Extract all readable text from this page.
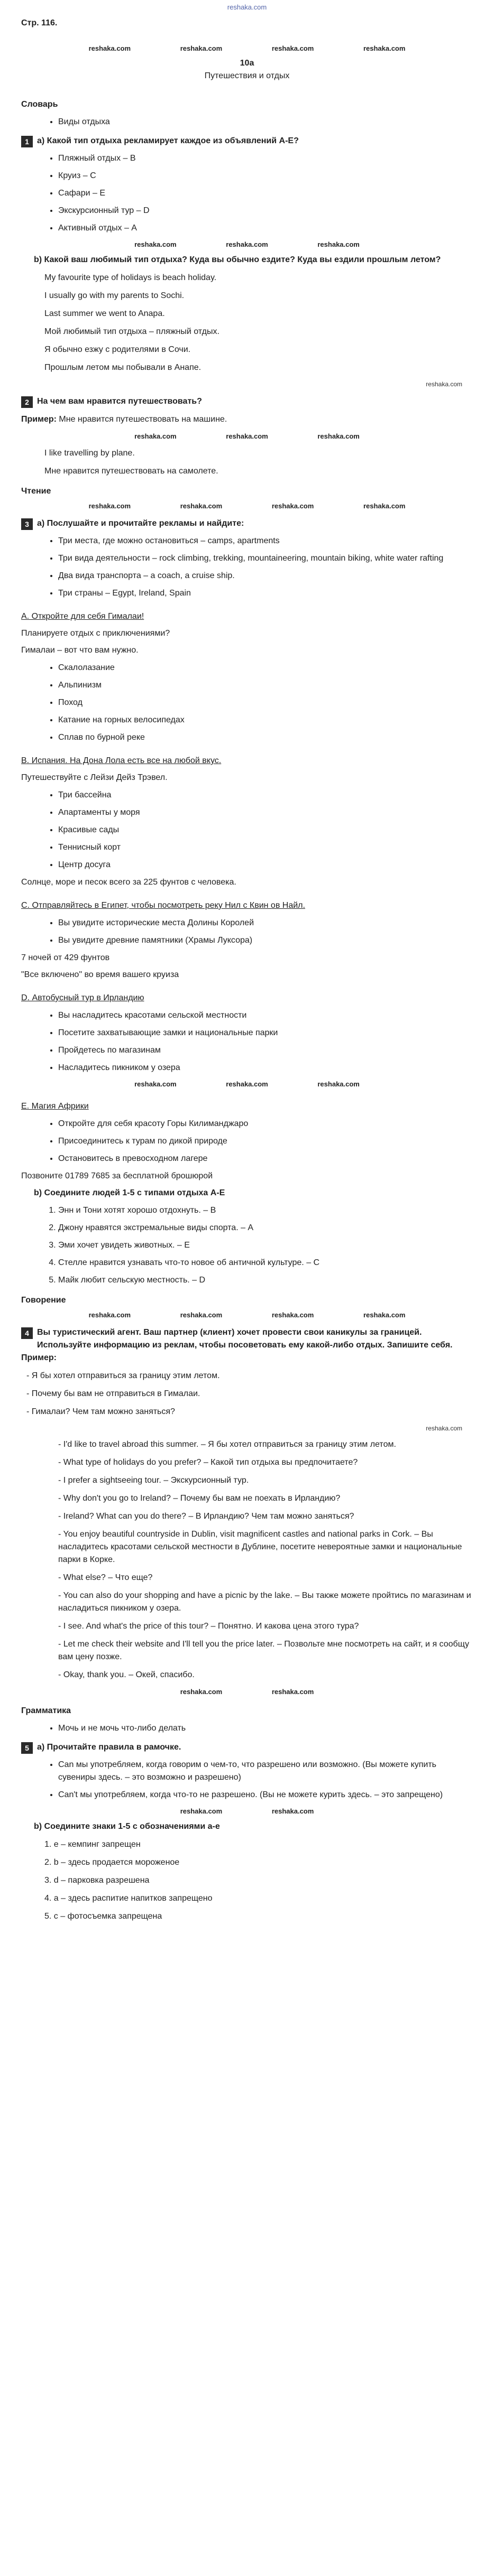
reshaka.com
Стр. 116.
reshaka.com	reshaka.com	reshaka.com	reshaka.com
10a
Путешествия и отдых
Словарь
• Виды отдыха
1 а) Какой тип отдыха рекламирует каждое из объявлений A-E?
• Пляжный отдых – B
• Круиз – C
• Сафари – E
• Экскурсионный тур – D
• Активный отдых – A
reshaka.com	reshaka.com	reshaka.com
b) Какой ваш любимый тип отдыха? Куда вы обычно ездите? Куда вы ездили прошлым летом?

My favourite type of holidays is beach holiday.

I usually go with my parents to Sochi.

Last summer we went to Anapa.

Мой любимый тип отдыха – пляжный отдых.

Я обычно езжу с родителями в Сочи.

Прошлым летом мы побывали в Анапе.

reshaka.com
2 На чем вам нравится путешествовать?
Пример: Мне нравится путешествовать на машине.
reshaka.com	reshaka.com	reshaka.com

I like travelling by plane.

Мне нравится путешествовать на самолете.

Чтение
reshaka.com	reshaka.com	reshaka.com	reshaka.com
3 а) Послушайте и прочитайте рекламы и найдите:
• Три места, где можно остановиться – camps, apartments
• Три вида деятельности – rock climbing, trekking, mountaineering, mountain biking, white water rafting
• Два вида транспорта – a coach, a cruise ship.
• Три страны – Egypt, Ireland, Spain
A. Откройте для себя Гималаи!
Планируете отдых с приключениями?
Гималаи – вот что вам нужно.
• Скалолазание
• Альпинизм
• Поход
• Катание на горных велосипедах
• Сплав по бурной реке
B. Испания. На Дона Лола есть все на любой вкус.
Путешествуйте с Лейзи Дейз Трэвел.
• Три бассейна
• Апартаменты у моря
• Красивые сады
• Теннисный корт
• Центр досуга
Солнце, море и песок всего за 225 фунтов с человека.
C. Отправляйтесь в Египет, чтобы посмотреть реку Нил с Квин ов Найл.
• Вы увидите исторические места Долины Королей
• Вы увидите древние памятники (Храмы Луксора)
7 ночей от 429 фунтов
"Все включено" во время вашего круиза
D. Автобусный тур в Ирландию
• Вы насладитесь красотами сельской местности
• Посетите захватывающие замки и национальные парки
• Пройдетесь по магазинам
• Насладитесь пикником у озера
reshaka.com	reshaka.com	reshaka.com
E. Магия Африки
• Откройте для себя красоту Горы Килиманджаро
• Присоединитесь к турам по дикой природе
• Остановитесь в превосходном лагере
Позвоните 01789 7685 за бесплатной брошюрой
b) Соедините людей 1-5 с типами отдыха A-E
1. Энн и Тони хотят хорошо отдохнуть. – B
2. Джону нравятся экстремальные виды спорта. – A
3. Эми хочет увидеть животных. – E
4. Стелле нравится узнавать что-то новое об античной культуре. – C
5. Майк любит сельскую местность. – D
Говорение
reshaka.com	reshaka.com	reshaka.com	reshaka.com
4 Вы туристический агент. Ваш партнер (клиент) хочет провести свои каникулы за границей. Используйте информацию из реклам, чтобы посоветовать ему какой-либо отдых. Запишите себя.
Пример:

- Я бы хотел отправиться за границу этим летом.

- Почему бы вам не отправиться в Гималаи.

- Гималаи? Чем там можно заняться?

reshaka.com

- I'd like to travel abroad this summer. – Я бы хотел отправиться за границу этим летом.

- What type of holidays do you prefer? – Какой тип отдыха вы предпочитаете?

- I prefer a sightseeing tour. – Экскурсионный тур.

- Why don't you go to Ireland? – Почему бы вам не поехать в Ирландию?

- Ireland? What can you do there? – В Ирландию? Чем там можно заняться?

- You enjoy beautiful countryside in Dublin, visit magnificent castles and national parks in Cork. – Вы насладитесь красотами сельской местности в Дублине, посетите невероятные замки и национальные парки в Корке.

- What else? – Что еще?

- You can also do your shopping and have a picnic by the lake. – Вы также можете пройтись по магазинам и насладиться пикником у озера.

- I see. And what's the price of this tour? – Понятно. И какова цена этого тура?

- Let me check their website and I'll tell you the price later. – Позвольте мне посмотреть на сайт, и я сообщу вам цену позже.

- Okay, thank you. – Окей, спасибо.

reshaka.com	reshaka.com
Грамматика
• Мочь и не мочь что-либо делать
5 а) Прочитайте правила в рамочке.
• Can мы употребляем, когда говорим о чем-то, что разрешено или возможно. (Вы можете купить сувениры здесь. – это возможно и разрешено)
• Can't мы употребляем, когда что-то не разрешено. (Вы не можете курить здесь. – это запрещено)
reshaka.com	reshaka.com
b) Соедините знаки 1-5 с обозначениями a-e

1. e – кемпинг запрещен

2. b – здесь продается мороженое

3. d – парковка разрешена

4. a – здесь распитие напитков запрещено

5. c – фотосъемка запрещена
